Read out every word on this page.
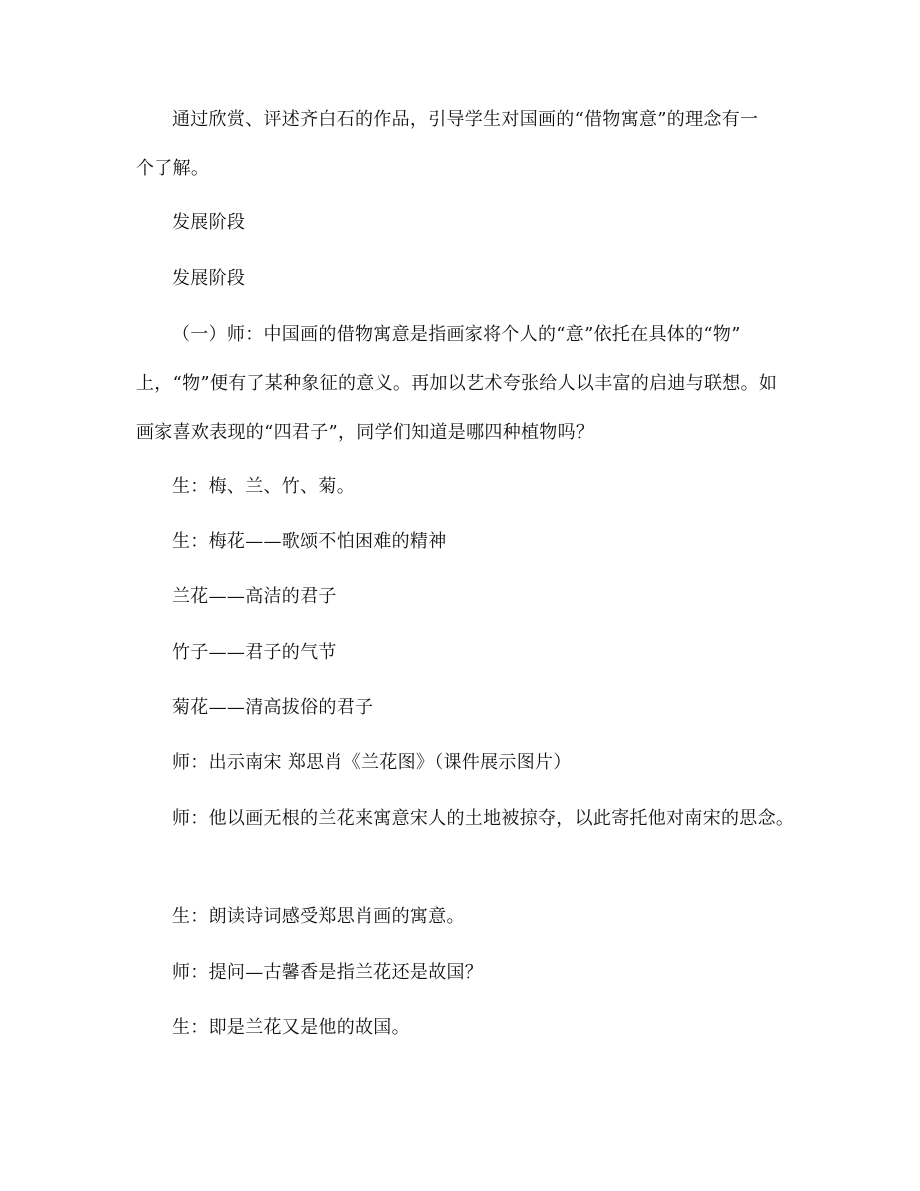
通过欣赏、评述齐白石的作品，引导学生对国画的“借物寓意”的理念有一
个了解。
发展阶段
发展阶段
（一）师：中国画的借物寓意是指画家将个人的“意”依托在具体的“物”
上，“物”便有了某种象征的意义。再加以艺术夸张给人以丰富的启迪与联想。如
画家喜欢表现的“四君子”，同学们知道是哪四种植物吗？
生：梅、兰、竹、菊。
生：梅花——歌颂不怕困难的精神
兰花——高洁的君子
竹子——君子的气节
菊花——清高拔俗的君子
师：出示南宋 郑思肖《兰花图》（课件展示图片）
师：他以画无根的兰花来寓意宋人的土地被掠夺，以此寄托他对南宋的思念。
生：朗读诗词感受郑思肖画的寓意。
师：提问—古馨香是指兰花还是故国？
生：即是兰花又是他的故国。
